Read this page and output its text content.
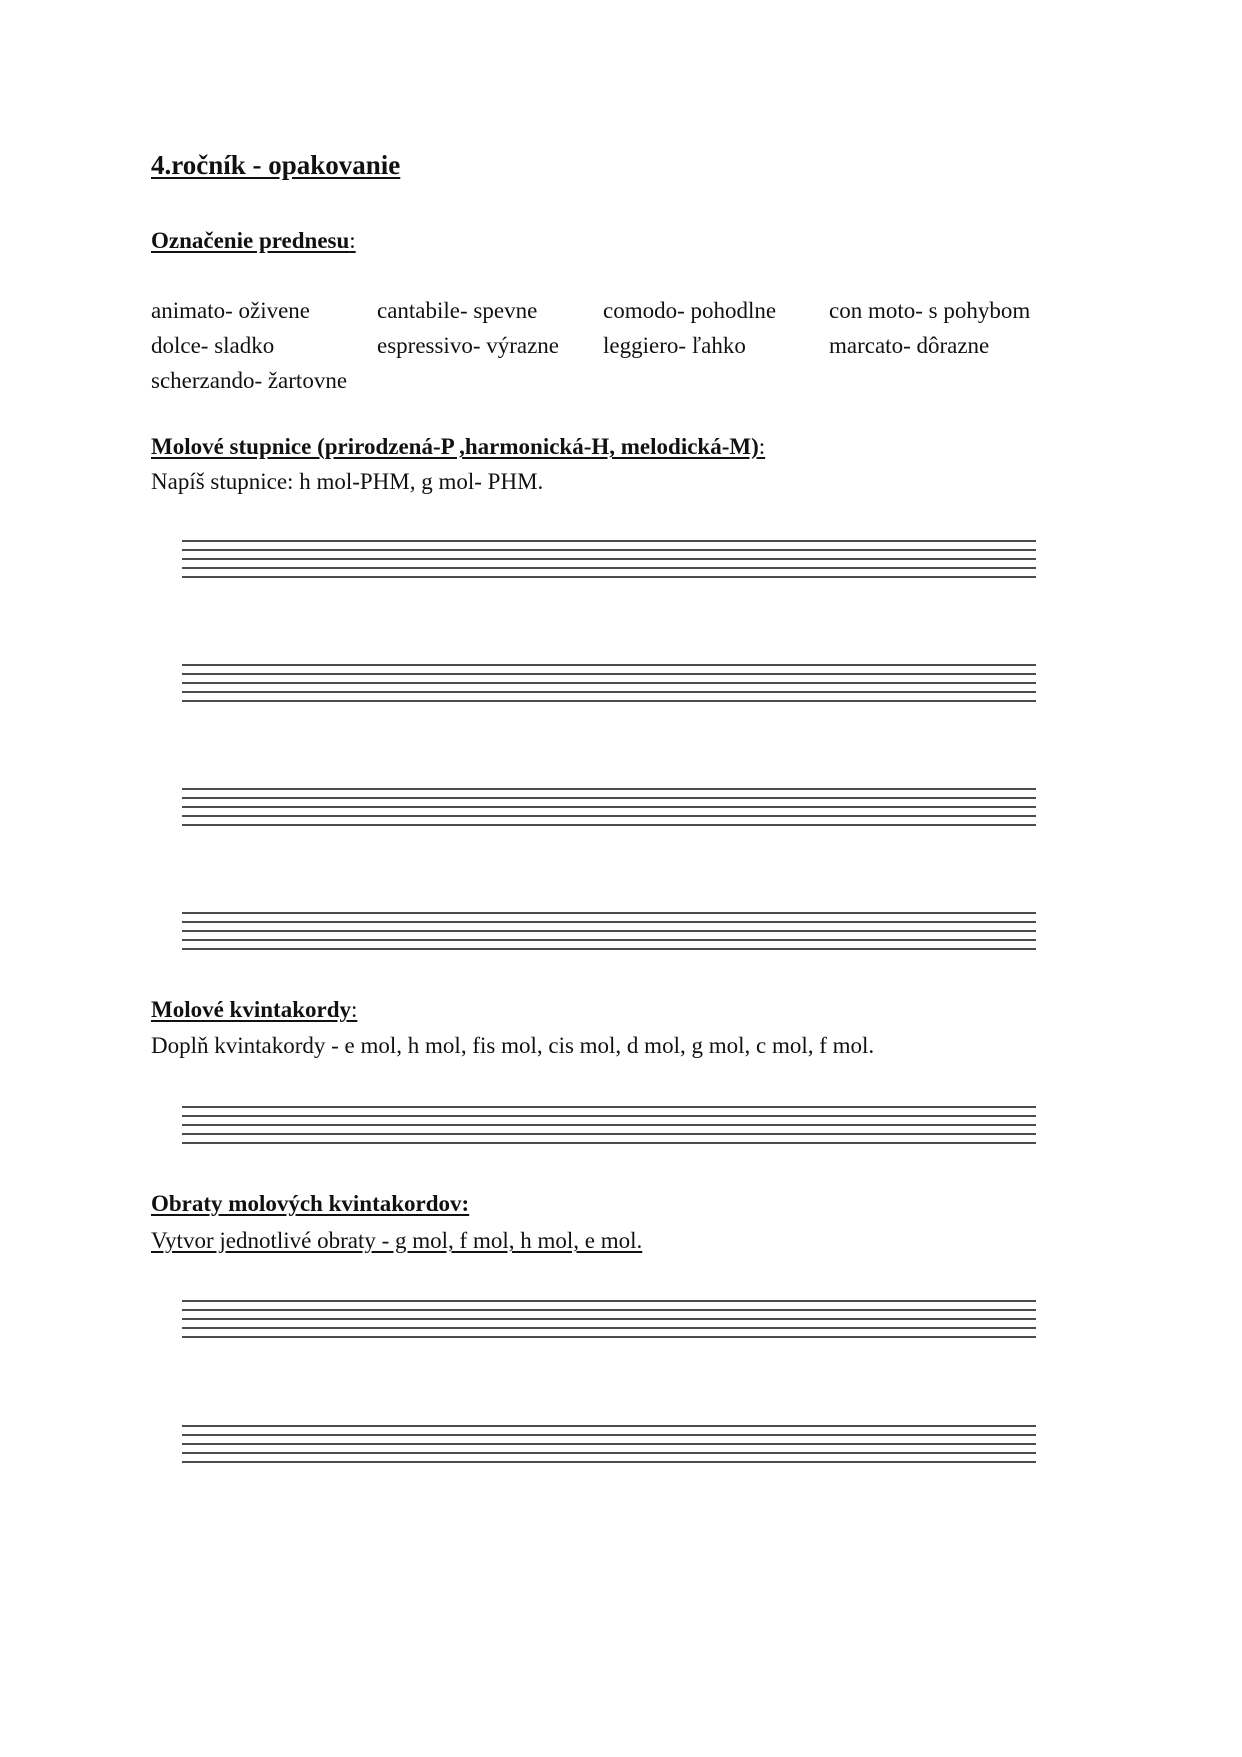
4.ročník - opakovanie
Označenie prednesu:
animato- oživene	cantabile- spevne	comodo- pohodlne	con moto- s pohybom
dolce- sladko	espressivo- výrazne	leggiero- ľahko	marcato- dôrazne
scherzando- žartovne
Molové stupnice (prirodzená-P ,harmonická-H, melodická-M):
Napíš stupnice: h mol-PHM, g mol- PHM.
Molové kvintakordy:
Doplň kvintakordy - e mol, h mol, fis mol, cis mol, d mol, g mol, c mol, f mol.
Obraty molových kvintakordov:
Vytvor jednotlivé obraty - g mol, f mol, h mol, e mol.
